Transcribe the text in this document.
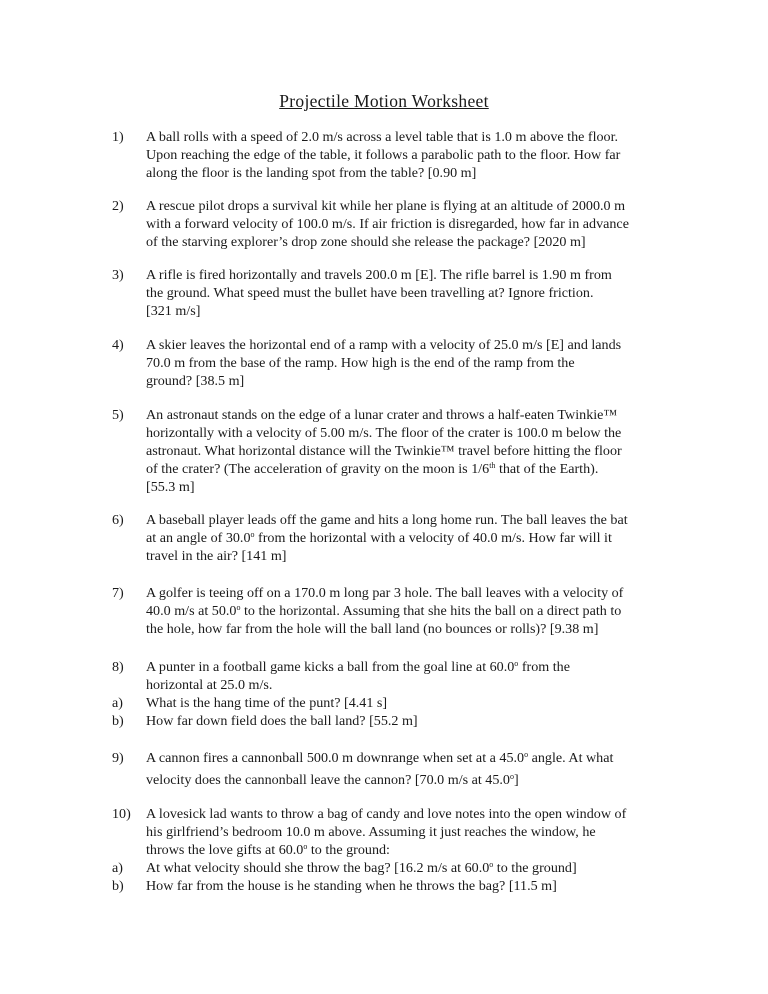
Projectile Motion Worksheet
1) A ball rolls with a speed of 2.0 m/s across a level table that is 1.0 m above the floor.
Upon reaching the edge of the table, it follows a parabolic path to the floor. How far
along the floor is the landing spot from the table? [0.90 m]
2) A rescue pilot drops a survival kit while her plane is flying at an altitude of 2000.0 m
with a forward velocity of 100.0 m/s. If air friction is disregarded, how far in advance
of the starving explorer’s drop zone should she release the package? [2020 m]
3) A rifle is fired horizontally and travels 200.0 m [E]. The rifle barrel is 1.90 m from
the ground. What speed must the bullet have been travelling at? Ignore friction.
[321 m/s]
4) A skier leaves the horizontal end of a ramp with a velocity of 25.0 m/s [E] and lands
70.0 m from the base of the ramp. How high is the end of the ramp from the
ground? [38.5 m]
5) An astronaut stands on the edge of a lunar crater and throws a half-eaten Twinkie™
horizontally with a velocity of 5.00 m/s. The floor of the crater is 100.0 m below the
astronaut. What horizontal distance will the Twinkie™ travel before hitting the floor
of the crater? (The acceleration of gravity on the moon is 1/6th that of the Earth).
[55.3 m]
6) A baseball player leads off the game and hits a long home run. The ball leaves the bat
at an angle of 30.0$^o$ from the horizontal with a velocity of 40.0 m/s. How far will it
travel in the air? [141 m]
7) A golfer is teeing off on a 170.0 m long par 3 hole. The ball leaves with a velocity of
40.0 m/s at 50.0$^o$ to the horizontal. Assuming that she hits the ball on a direct path to
the hole, how far from the hole will the ball land (no bounces or rolls)? [9.38 m]
8) A punter in a football game kicks a ball from the goal line at 60.0$^o$ from the
horizontal at 25.0 m/s.
a) What is the hang time of the punt? [4.41 s]
b) How far down field does the ball land? [55.2 m]
9) A cannon fires a cannonball 500.0 m downrange when set at a 45.0$^o$ angle. At what
velocity does the cannonball leave the cannon? [70.0 m/s at 45.0$^o$]
10) A lovesick lad wants to throw a bag of candy and love notes into the open window of
his girlfriend’s bedroom 10.0 m above. Assuming it just reaches the window, he
throws the love gifts at 60.0$^o$ to the ground:
a) At what velocity should she throw the bag? [16.2 m/s at 60.0$^o$ to the ground]
b) How far from the house is he standing when he throws the bag? [11.5 m]
